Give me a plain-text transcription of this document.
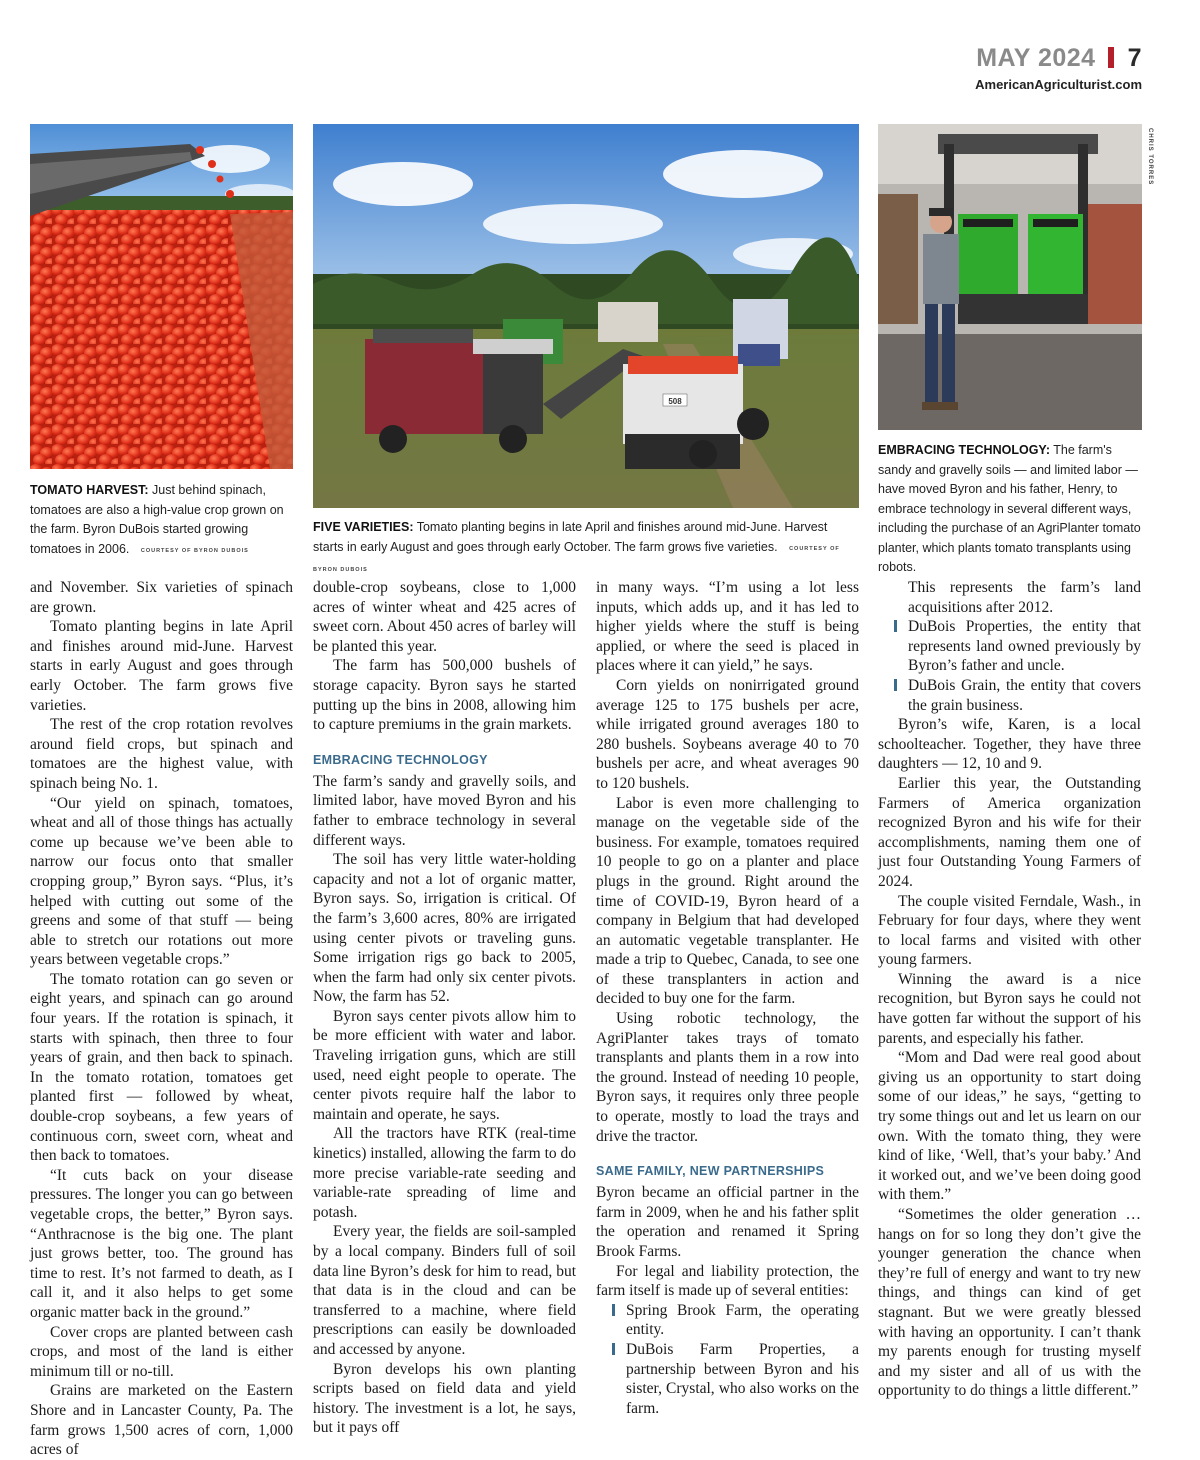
MAY 2024 7
AmericanAgriculturist.com
508
CHRIS TORRES
TOMATO HARVEST: Just behind spinach, tomatoes are also a high-value crop grown on the farm. Byron DuBois started growing tomatoes in 2006. COURTESY OF BYRON DUBOIS
FIVE VARIETIES: Tomato planting begins in late April and finishes around mid-June. Harvest starts in early August and goes through early October. The farm grows five varieties. COURTESY OF BYRON DUBOIS
EMBRACING TECHNOLOGY: The farm's sandy and gravelly soils — and limited labor — have moved Byron and his father, Henry, to embrace technology in several different ways, including the purchase of an AgriPlanter tomato planter, which plants tomato transplants using robots.

and November. Six varieties of spinach are grown.

Tomato planting begins in late April and finishes around mid-June. Harvest starts in early August and goes through early October. The farm grows five varieties.

The rest of the crop rotation revolves around field crops, but spinach and tomatoes are the highest value, with spinach being No. 1.

“Our yield on spinach, tomatoes, wheat and all of those things has actually come up because we’ve been able to narrow our focus onto that smaller cropping group,” Byron says. “Plus, it’s helped with cutting out some of the greens and some of that stuff — being able to stretch our rotations out more years between vegetable crops.”

The tomato rotation can go seven or eight years, and spinach can go around four years. If the rotation is spinach, it starts with spinach, then three to four years of grain, and then back to spinach. In the tomato rotation, tomatoes get planted first — followed by wheat, double-crop soybeans, a few years of continuous corn, sweet corn, wheat and then back to tomatoes.

“It cuts back on your disease pressures. The longer you can go between vegetable crops, the better,” Byron says. “Anthracnose is the big one. The plant just grows better, too. The ground has time to rest. It’s not farmed to death, as I call it, and it also helps to get some organic matter back in the ground.”

Cover crops are planted between cash crops, and most of the land is either minimum till or no-till.

Grains are marketed on the Eastern Shore and in Lancaster County, Pa. The farm grows 1,500 acres of corn, 1,000 acres of

double-crop soybeans, close to 1,000 acres of winter wheat and 425 acres of sweet corn. About 450 acres of barley will be planted this year.

The farm has 500,000 bushels of storage capacity. Byron says he started putting up the bins in 2008, allowing him to capture premiums in the grain markets.

EMBRACING TECHNOLOGY

The farm’s sandy and gravelly soils, and limited labor, have moved Byron and his father to embrace technology in several different ways.

The soil has very little water-holding capacity and not a lot of organic matter, Byron says. So, irrigation is critical. Of the farm’s 3,600 acres, 80% are irrigated using center pivots or traveling guns. Some irrigation rigs go back to 2005, when the farm had only six center pivots. Now, the farm has 52.

Byron says center pivots allow him to be more efficient with water and labor. Traveling irrigation guns, which are still used, need eight people to operate. The center pivots require half the labor to maintain and operate, he says.

All the tractors have RTK (real-time kinetics) installed, allowing the farm to do more precise variable-rate seeding and variable-rate spreading of lime and potash.

Every year, the fields are soil-sampled by a local company. Binders full of soil data line Byron’s desk for him to read, but that data is in the cloud and can be transferred to a machine, where field prescriptions can easily be downloaded and accessed by anyone.

Byron develops his own planting scripts based on field data and yield history. The investment is a lot, he says, but it pays off

in many ways. “I’m using a lot less inputs, which adds up, and it has led to higher yields where the stuff is being applied, or where the seed is placed in places where it can yield,” he says.

Corn yields on nonirrigated ground average 125 to 175 bushels per acre, while irrigated ground averages 180 to 280 bushels. Soybeans average 40 to 70 bushels per acre, and wheat averages 90 to 120 bushels.

Labor is even more challenging to manage on the vegetable side of the business. For example, tomatoes required 10 people to go on a planter and place plugs in the ground. Right around the time of COVID-19, Byron heard of a company in Belgium that had developed an automatic vegetable transplanter. He made a trip to Quebec, Canada, to see one of these transplanters in action and decided to buy one for the farm.

Using robotic technology, the AgriPlanter takes trays of tomato transplants and plants them in a row into the ground. Instead of needing 10 people, Byron says, it requires only three people to operate, mostly to load the trays and drive the tractor.

SAME FAMILY, NEW PARTNERSHIPS

Byron became an official partner in the farm in 2009, when he and his father split the operation and renamed it Spring Brook Farms.

For legal and liability protection, the farm itself is made up of several entities:

Spring Brook Farm, the operating entity.

DuBois Farm Properties, a partnership between Byron and his sister, Crystal, who also works on the farm.

This represents the farm’s land acquisitions after 2012.

DuBois Properties, the entity that represents land owned previously by Byron’s father and uncle.

DuBois Grain, the entity that covers the grain business.

Byron’s wife, Karen, is a local schoolteacher. Together, they have three daughters — 12, 10 and 9.

Earlier this year, the Outstanding Farmers of America organization recognized Byron and his wife for their accomplishments, naming them one of just four Outstanding Young Farmers of 2024.

The couple visited Ferndale, Wash., in February for four days, where they went to local farms and visited with other young farmers.

Winning the award is a nice recognition, but Byron says he could not have gotten far without the support of his parents, and especially his father.

“Mom and Dad were real good about giving us an opportunity to start doing some of our ideas,” he says, “getting to try some things out and let us learn on our own. With the tomato thing, they were kind of like, ‘Well, that’s your baby.’ And it worked out, and we’ve been doing good with them.”

“Sometimes the older generation … hangs on for so long they don’t give the younger generation the chance when they’re full of energy and want to try new things, and things can kind of get stagnant. But we were greatly blessed with having an opportunity. I can’t thank my parents enough for trusting myself and my sister and all of us with the opportunity to do things a little different.”
